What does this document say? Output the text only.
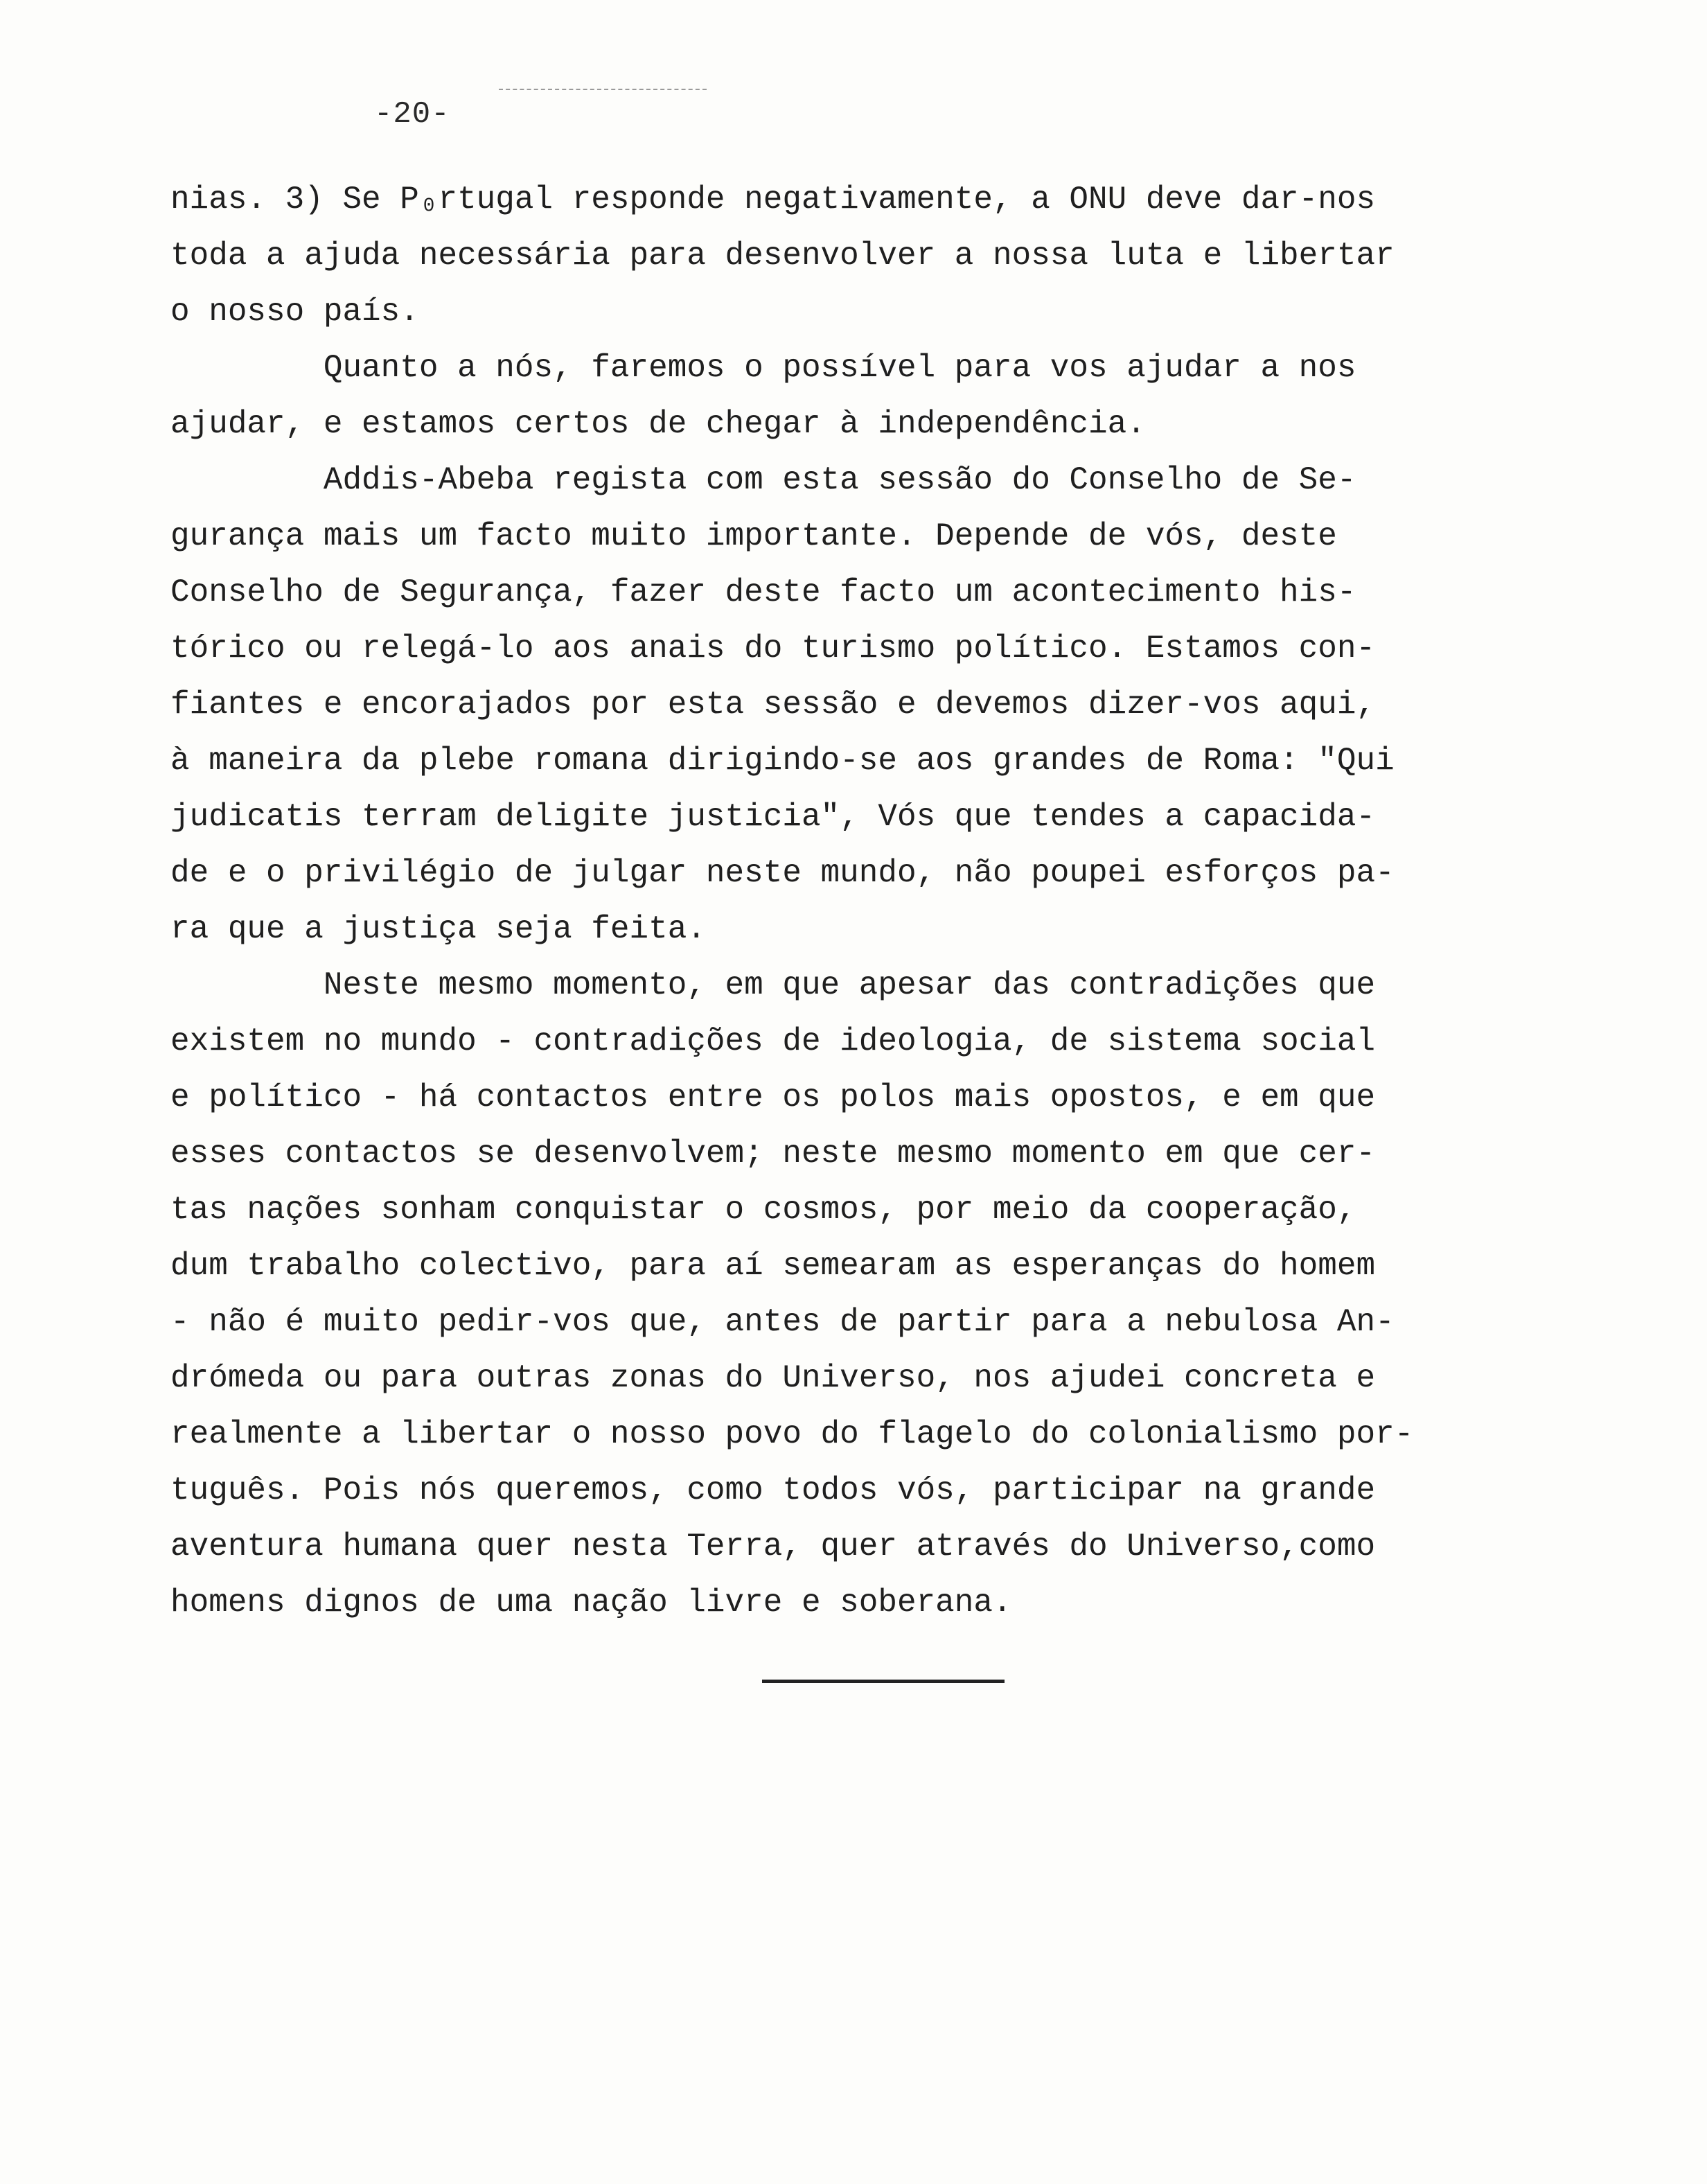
-20-

nias. 3) Se P₀rtugal responde negativamente, a ONU deve dar-nos

toda a ajuda necessária para desenvolver a nossa luta e libertar

o nosso país.

Quanto a nós, faremos o possível para vos ajudar a nos

ajudar, e estamos certos de chegar à independência.

Addis-Abeba regista com esta sessão do Conselho de Se-

gurança mais um facto muito importante. Depende de vós, deste

Conselho de Segurança, fazer deste facto um acontecimento his-

tórico ou relegá-lo aos anais do turismo político. Estamos con-

fiantes e encorajados por esta sessão e devemos dizer-vos aqui,

à maneira da plebe romana dirigindo-se aos grandes de Roma: "Qui

judicatis terram deligite justicia", Vós que tendes a capacida-

de e o privilégio de julgar neste mundo, não poupei esforços pa-

ra que a justiça seja feita.

Neste mesmo momento, em que apesar das contradições que

existem no mundo - contradições de ideologia, de sistema social

e político - há contactos entre os polos mais opostos, e em que

esses contactos se desenvolvem; neste mesmo momento em que cer-

tas nações sonham conquistar o cosmos, por meio da cooperação,

dum trabalho colectivo, para aí semearam as esperanças do homem

- não é muito pedir-vos que, antes de partir para a nebulosa An-

drómeda ou para outras zonas do Universo, nos ajudei concreta e

realmente a libertar o nosso povo do flagelo do colonialismo por-

tuguês. Pois nós queremos, como todos vós, participar na grande

aventura humana quer nesta Terra, quer através do Universo,como

homens dignos de uma nação livre e soberana.
